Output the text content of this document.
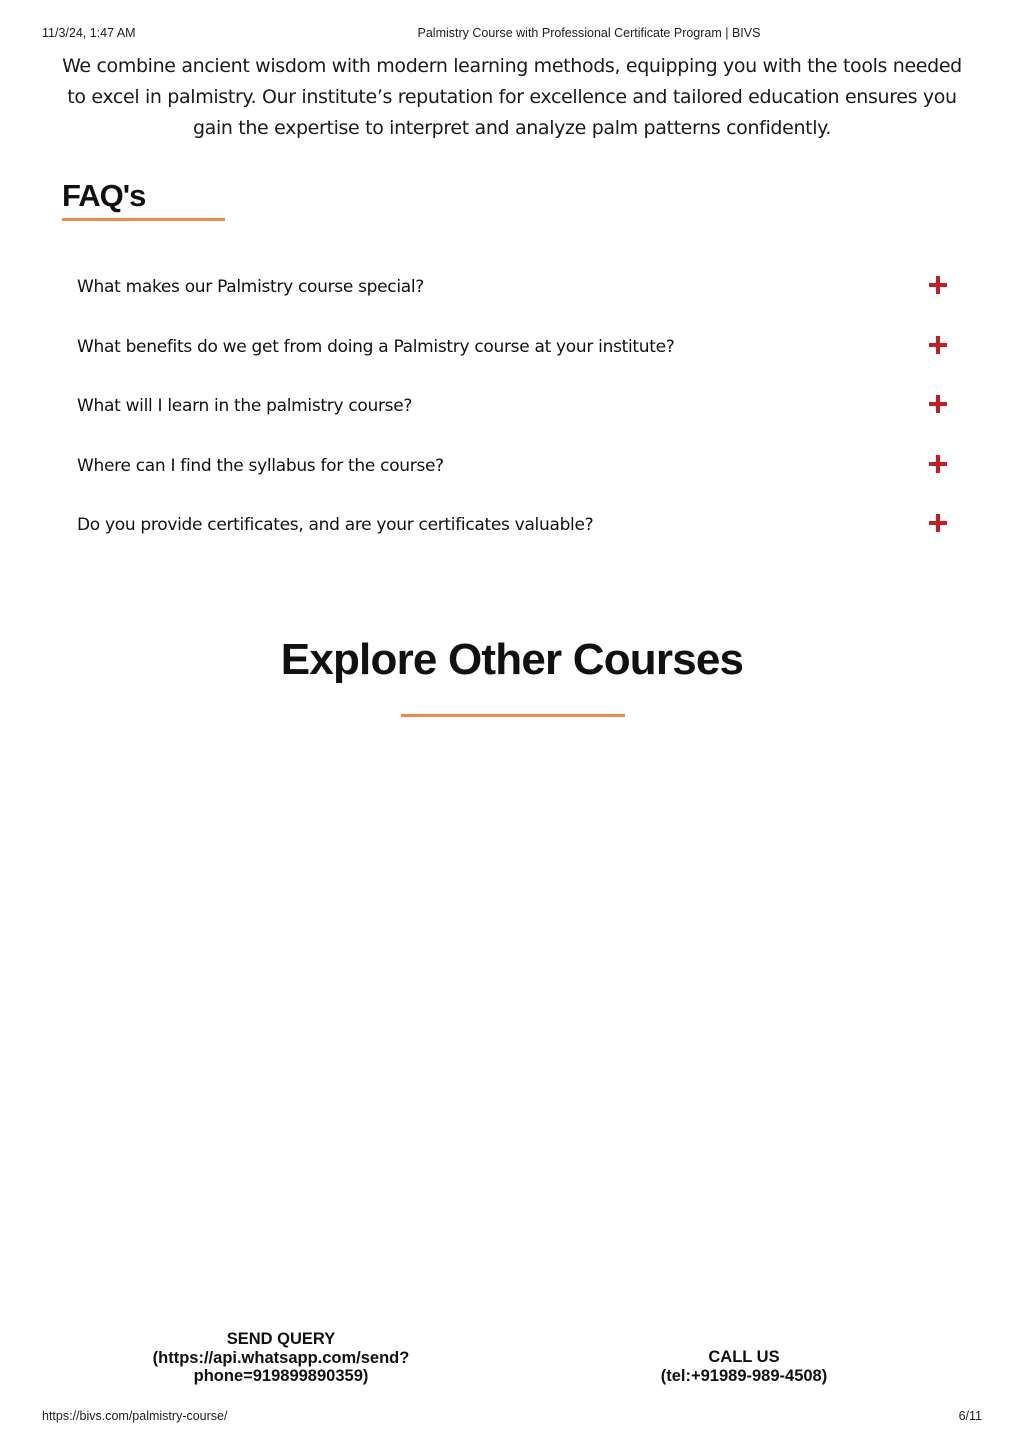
11/3/24, 1:47 AM	Palmistry Course with Professional Certificate Program | BIVS

We combine ancient wisdom with modern learning methods, equipping you with the tools needed to excel in palmistry. Our institute’s reputation for excellence and tailored education ensures you gain the expertise to interpret and analyze palm patterns confidently.

FAQ's
What makes our Palmistry course special?
What benefits do we get from doing a Palmistry course at your institute?
What will I learn in the palmistry course?
Where can I find the syllabus for the course?
Do you provide certificates, and are your certificates valuable?
Explore Other Courses
SEND QUERY
(https://api.whatsapp.com/send?
phone=919899890359)
CALL US
(tel:+91989-989-4508)
https://bivs.com/palmistry-course/	6/11
